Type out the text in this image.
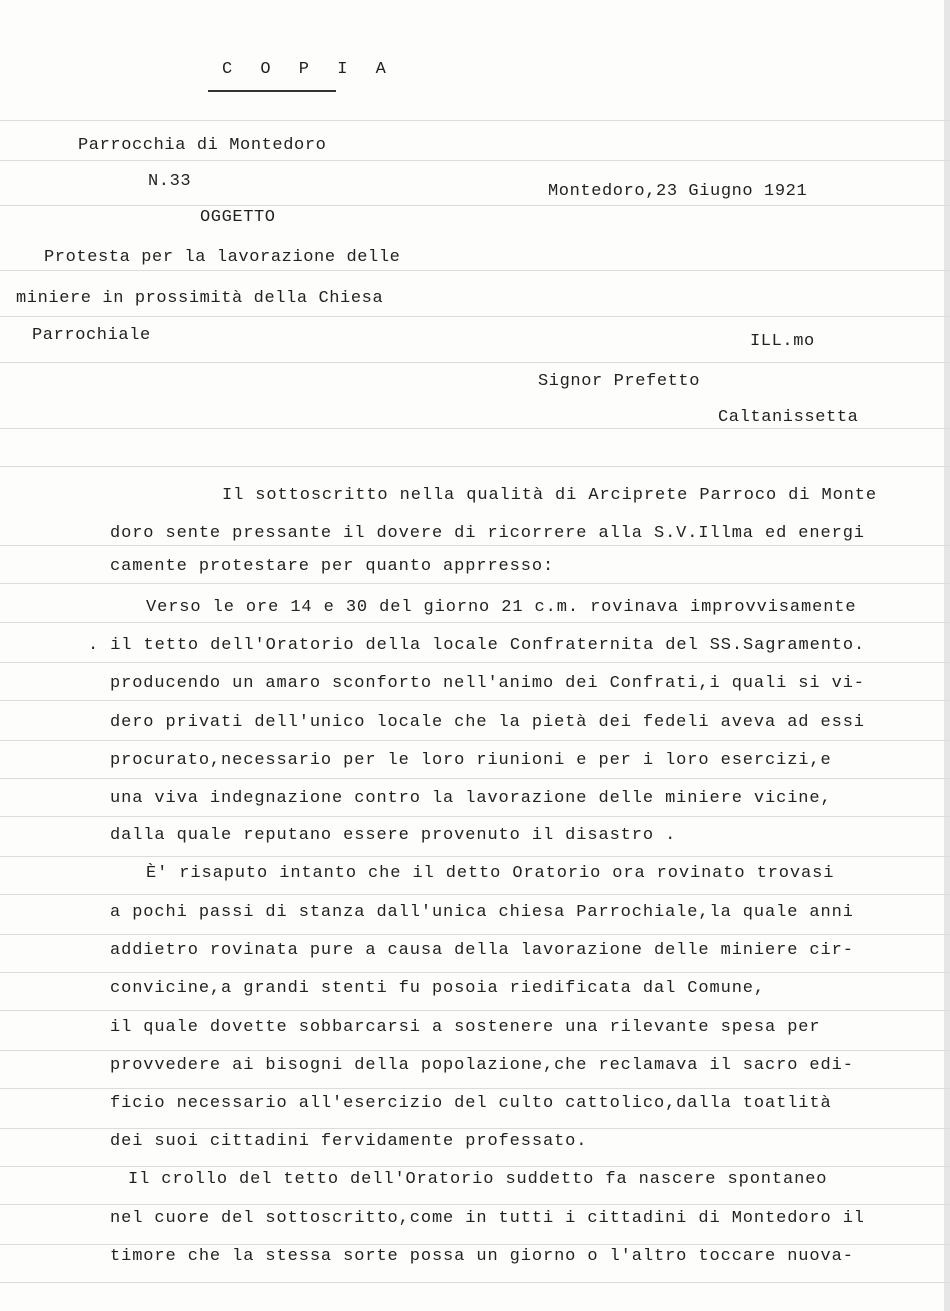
C O P I A
Parrocchia di Montedoro
N.33
Montedoro,23 Giugno 1921
OGGETTO
Protesta per la lavorazione delle
miniere in prossimità della Chiesa
Parrochiale	ILL.mo
Signor Prefetto
Caltanissetta
Il sottoscritto nella qualità di Arciprete Parroco di Monte
doro sente pressante il dovere di ricorrere alla S.V.Illma ed energi
camente protestare per quanto apprresso:
Verso le ore 14 e 30 del giorno 21 c.m. rovinava improvvisamente
. il tetto dell'Oratorio della locale Confraternita del SS.Sagramento.
producendo un amaro sconforto nell'animo dei Confrati,i quali si vi-
dero privati dell'unico locale che la pietà dei fedeli aveva ad essi
procurato,necessario per le loro riunioni e per i loro esercizi,e
una viva indegnazione contro la lavorazione delle miniere vicine,
dalla quale reputano essere provenuto il disastro .
È' risaputo intanto che il detto Oratorio ora rovinato trovasi
a pochi passi di stanza dall'unica chiesa Parrochiale,la quale anni
addietro rovinata pure a causa della lavorazione delle miniere cir-
convicine,a grandi stenti fu posoia riedificata dal Comune,
il quale dovette sobbarcarsi a sostenere una rilevante spesa per
provvedere ai bisogni della popolazione,che reclamava il sacro edi-
ficio necessario all'esercizio del culto cattolico,dalla toatlità
dei suoi cittadini fervidamente professato.
Il crollo del tetto dell'Oratorio suddetto fa nascere spontaneo
nel cuore del sottoscritto,come in tutti i cittadini di Montedoro il
timore che la stessa sorte possa un giorno o l'altro toccare nuova-
